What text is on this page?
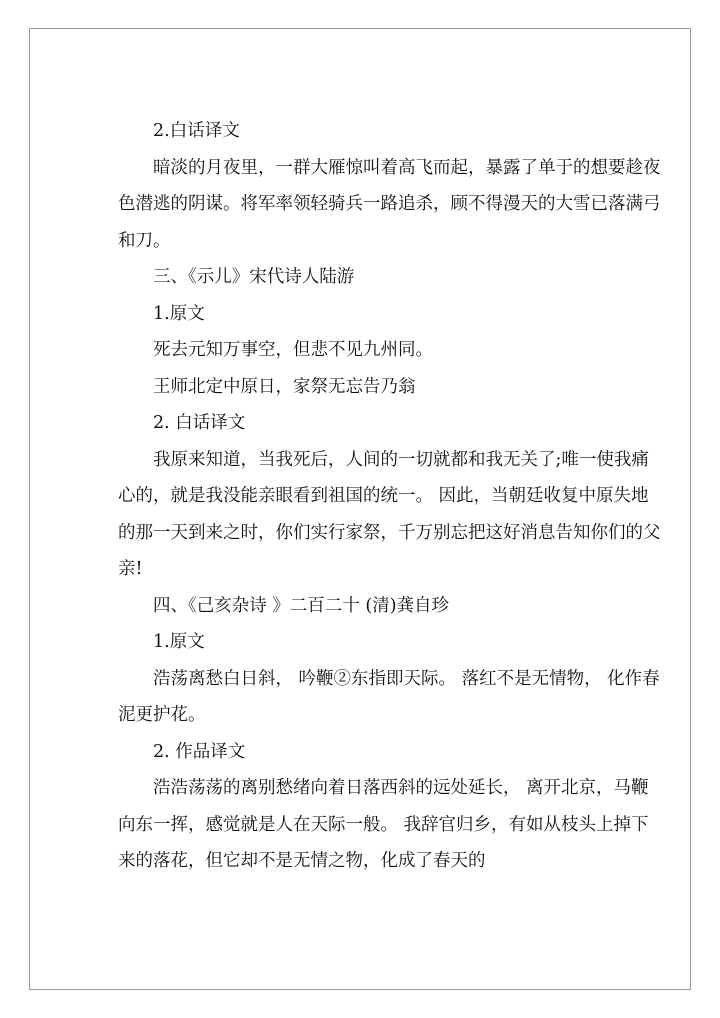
2.白话译文

暗淡的月夜里，一群大雁惊叫着高飞而起，暴露了单于的想要趁夜色潜逃的阴谋。将军率领轻骑兵一路追杀，顾不得漫天的大雪已落满弓和刀。

三、《示儿》宋代诗人陆游

1.原文

死去元知万事空，但悲不见九州同。

王师北定中原日，家祭无忘告乃翁

2. 白话译文

我原来知道，当我死后，人间的一切就都和我无关了;唯一使我痛心的，就是我没能亲眼看到祖国的统一。 因此，当朝廷收复中原失地的那一天到来之时，你们实行家祭，千万别忘把这好消息告知你们的父亲!

四、《己亥杂诗 》二百二十 (清)龚自珍

1.原文

浩荡离愁白日斜， 吟鞭②东指即天际。 落红不是无情物， 化作春泥更护花。

2. 作品译文

浩浩荡荡的离别愁绪向着日落西斜的远处延长， 离开北京，马鞭向东一挥，感觉就是人在天际一般。 我辞官归乡，有如从枝头上掉下来的落花，但它却不是无情之物，化成了春天的
